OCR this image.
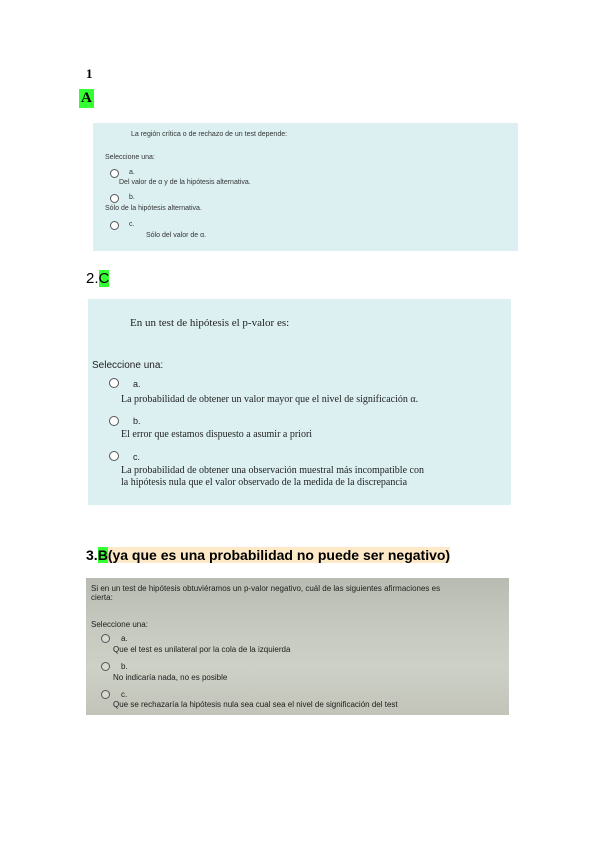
1
A
La región crítica o de rechazo de un test depende:
Seleccione una:
a.
Del valor de α y de la hipótesis alternativa.
b.
Sólo de la hipótesis alternativa.
c.
Sólo del valor de α.
2.C
En un test de hipótesis el p-valor es:
Seleccione una:
a.
La probabilidad de obtener un valor mayor que el nivel de significación α.
b.
El error que estamos dispuesto a asumir a priori
c.
La probabilidad de obtener una observación muestral más incompatible con
la hipótesis nula que el valor observado de la medida de la discrepancia
3.B(ya que es una probabilidad no puede ser negativo)
Si en un test de hipótesis obtuviéramos un p-valor negativo, cuál de las siguientes afirmaciones es
cierta:
Seleccione una:
a.
Que el test es unilateral por la cola de la izquierda
b.
No indicaría nada, no es posible
c.
Que se rechazaría la hipótesis nula sea cual sea el nivel de significación del test
